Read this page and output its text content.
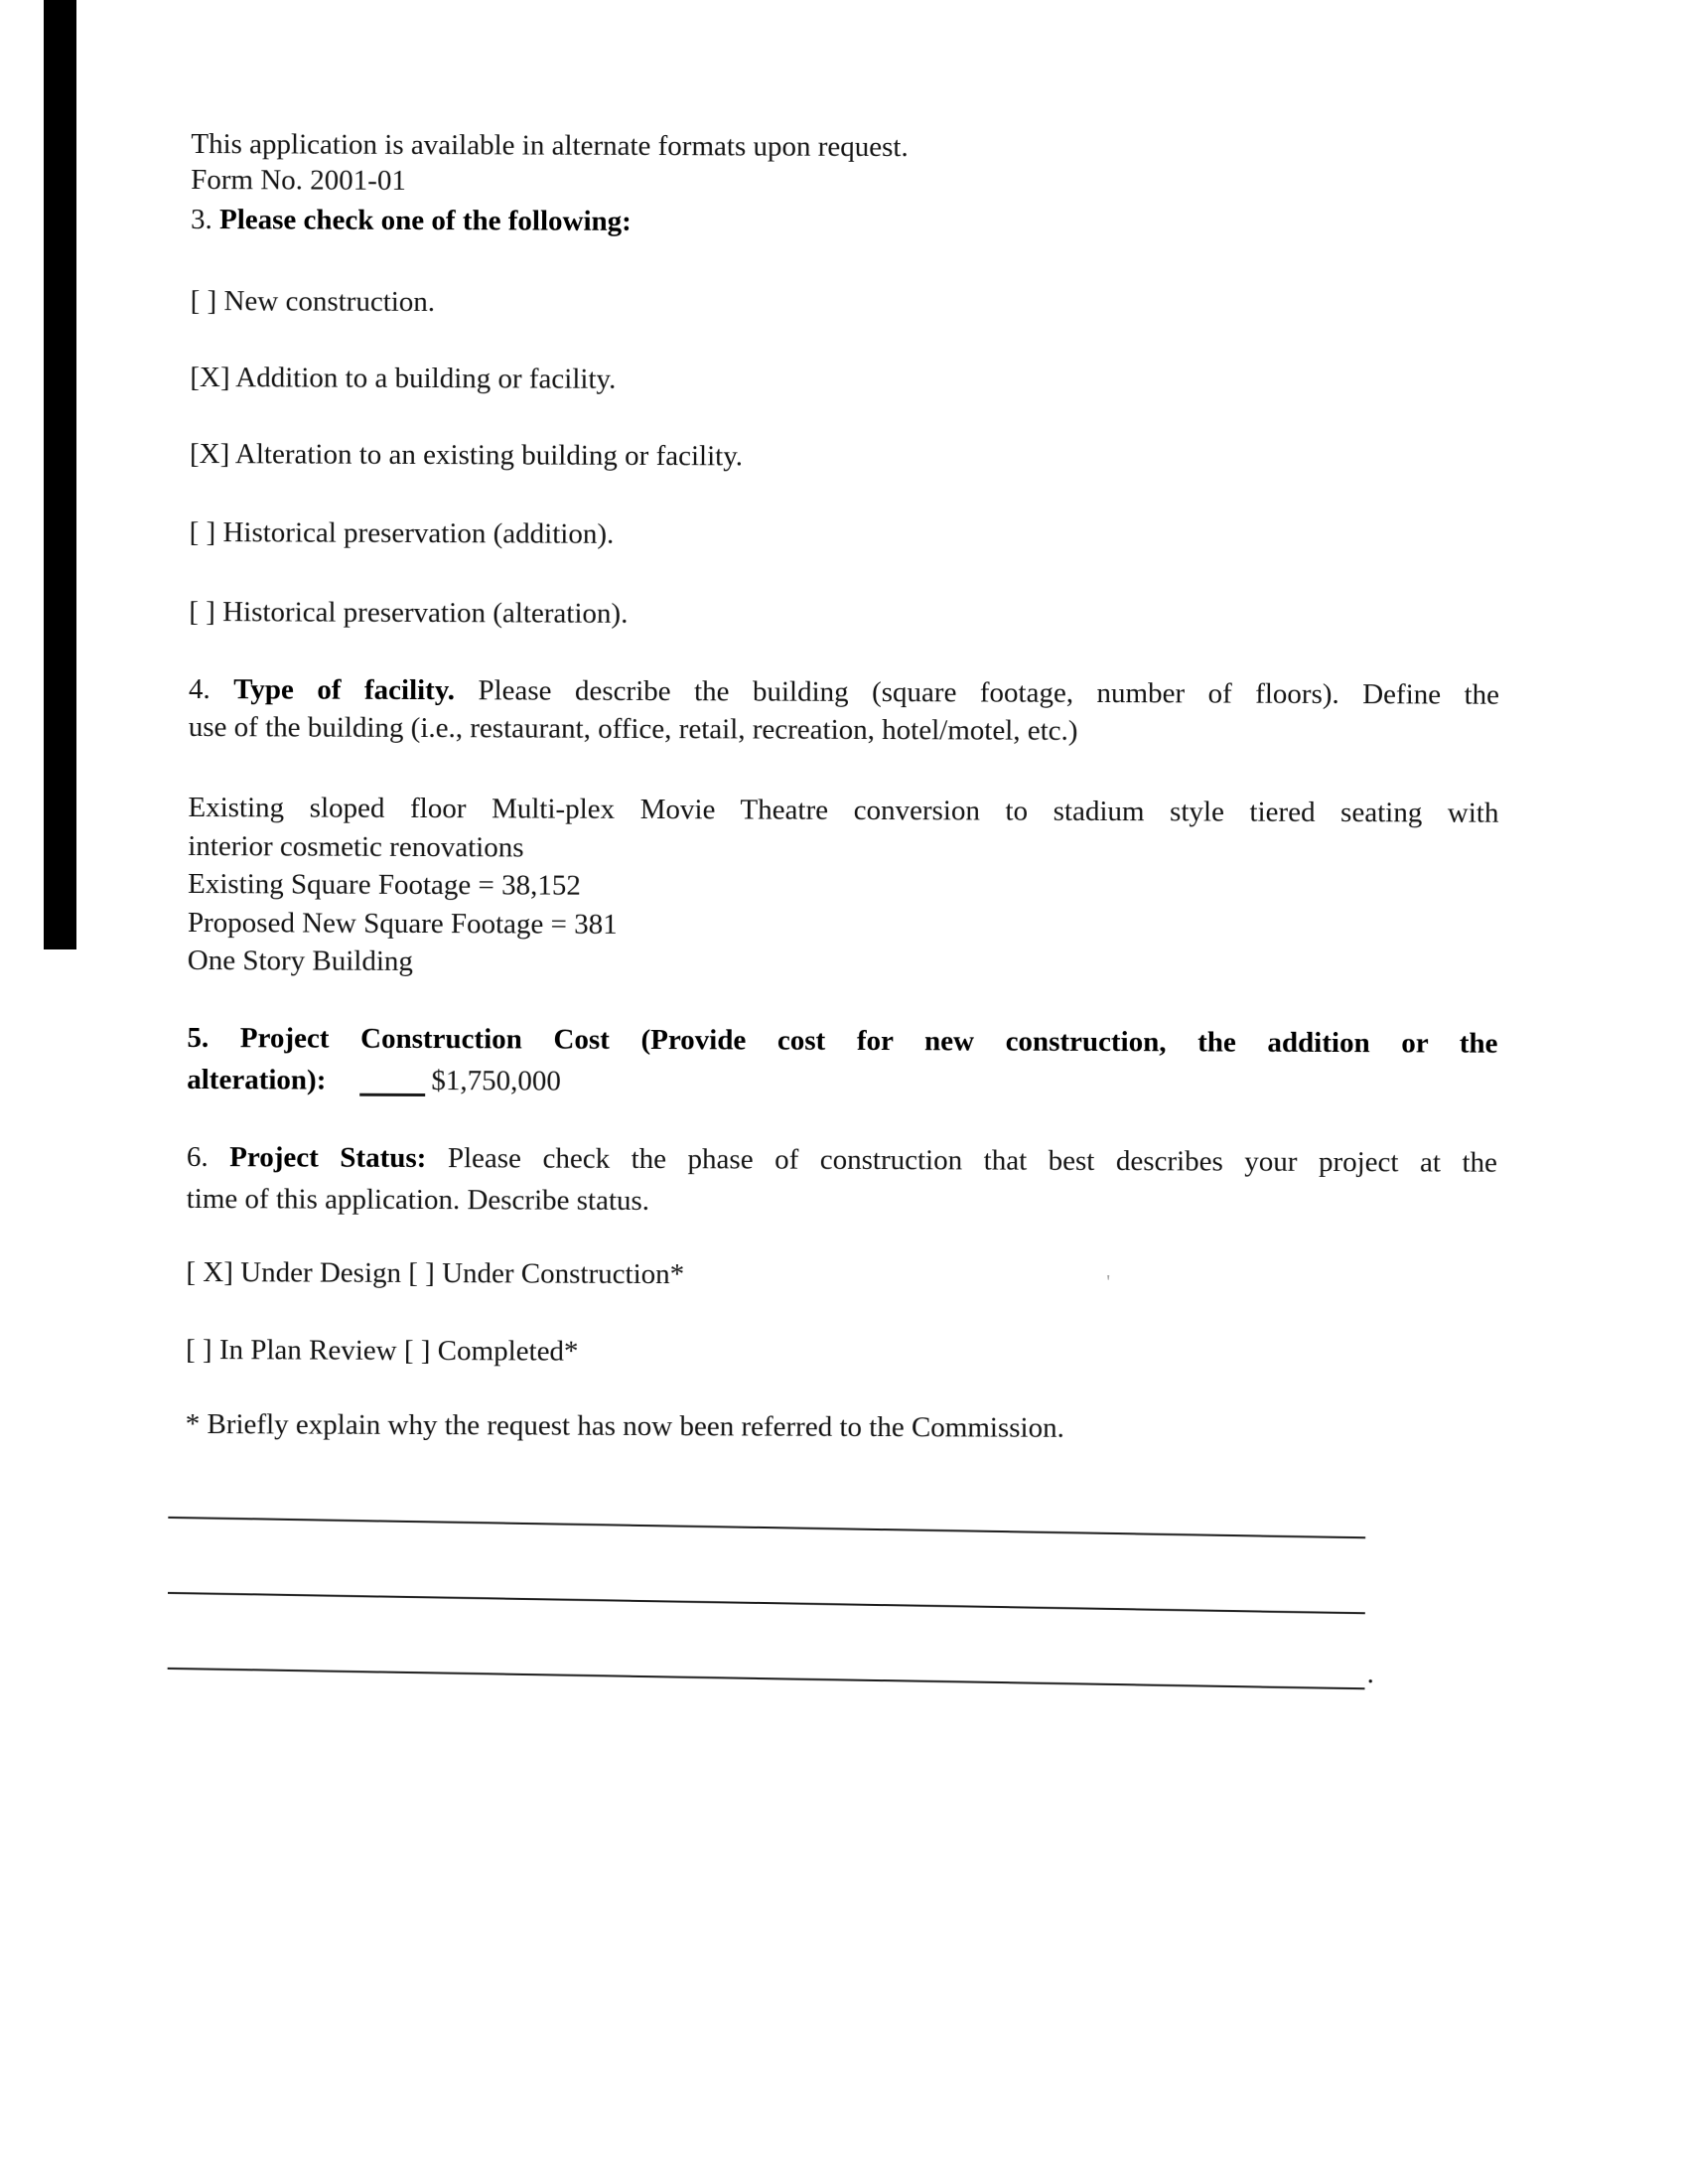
This application is available in alternate formats upon request.
Form No. 2001-01
3. Please check one of the following:
[ ] New construction.
[X] Addition to a building or facility.
[X] Alteration to an existing building or facility.
[ ] Historical preservation (addition).
[ ] Historical preservation (alteration).
4. Type of facility. Please describe the building (square footage, number of floors). Define the
use of the building (i.e., restaurant, office, retail, recreation, hotel/motel, etc.)
Existing sloped floor Multi-plex Movie Theatre conversion to stadium style tiered seating with
interior cosmetic renovations
Existing Square Footage = 38,152
Proposed New Square Footage = 381
One Story Building
5. Project Construction Cost (Provide cost for new construction, the addition or the
alteration):	$1,750,000
6. Project Status: Please check the phase of construction that best describes your project at the
time of this application. Describe status.
[ X] Under Design [ ] Under Construction*
[ ] In Plan Review [ ] Completed*
* Briefly explain why the request has now been referred to the Commission.
'
.
